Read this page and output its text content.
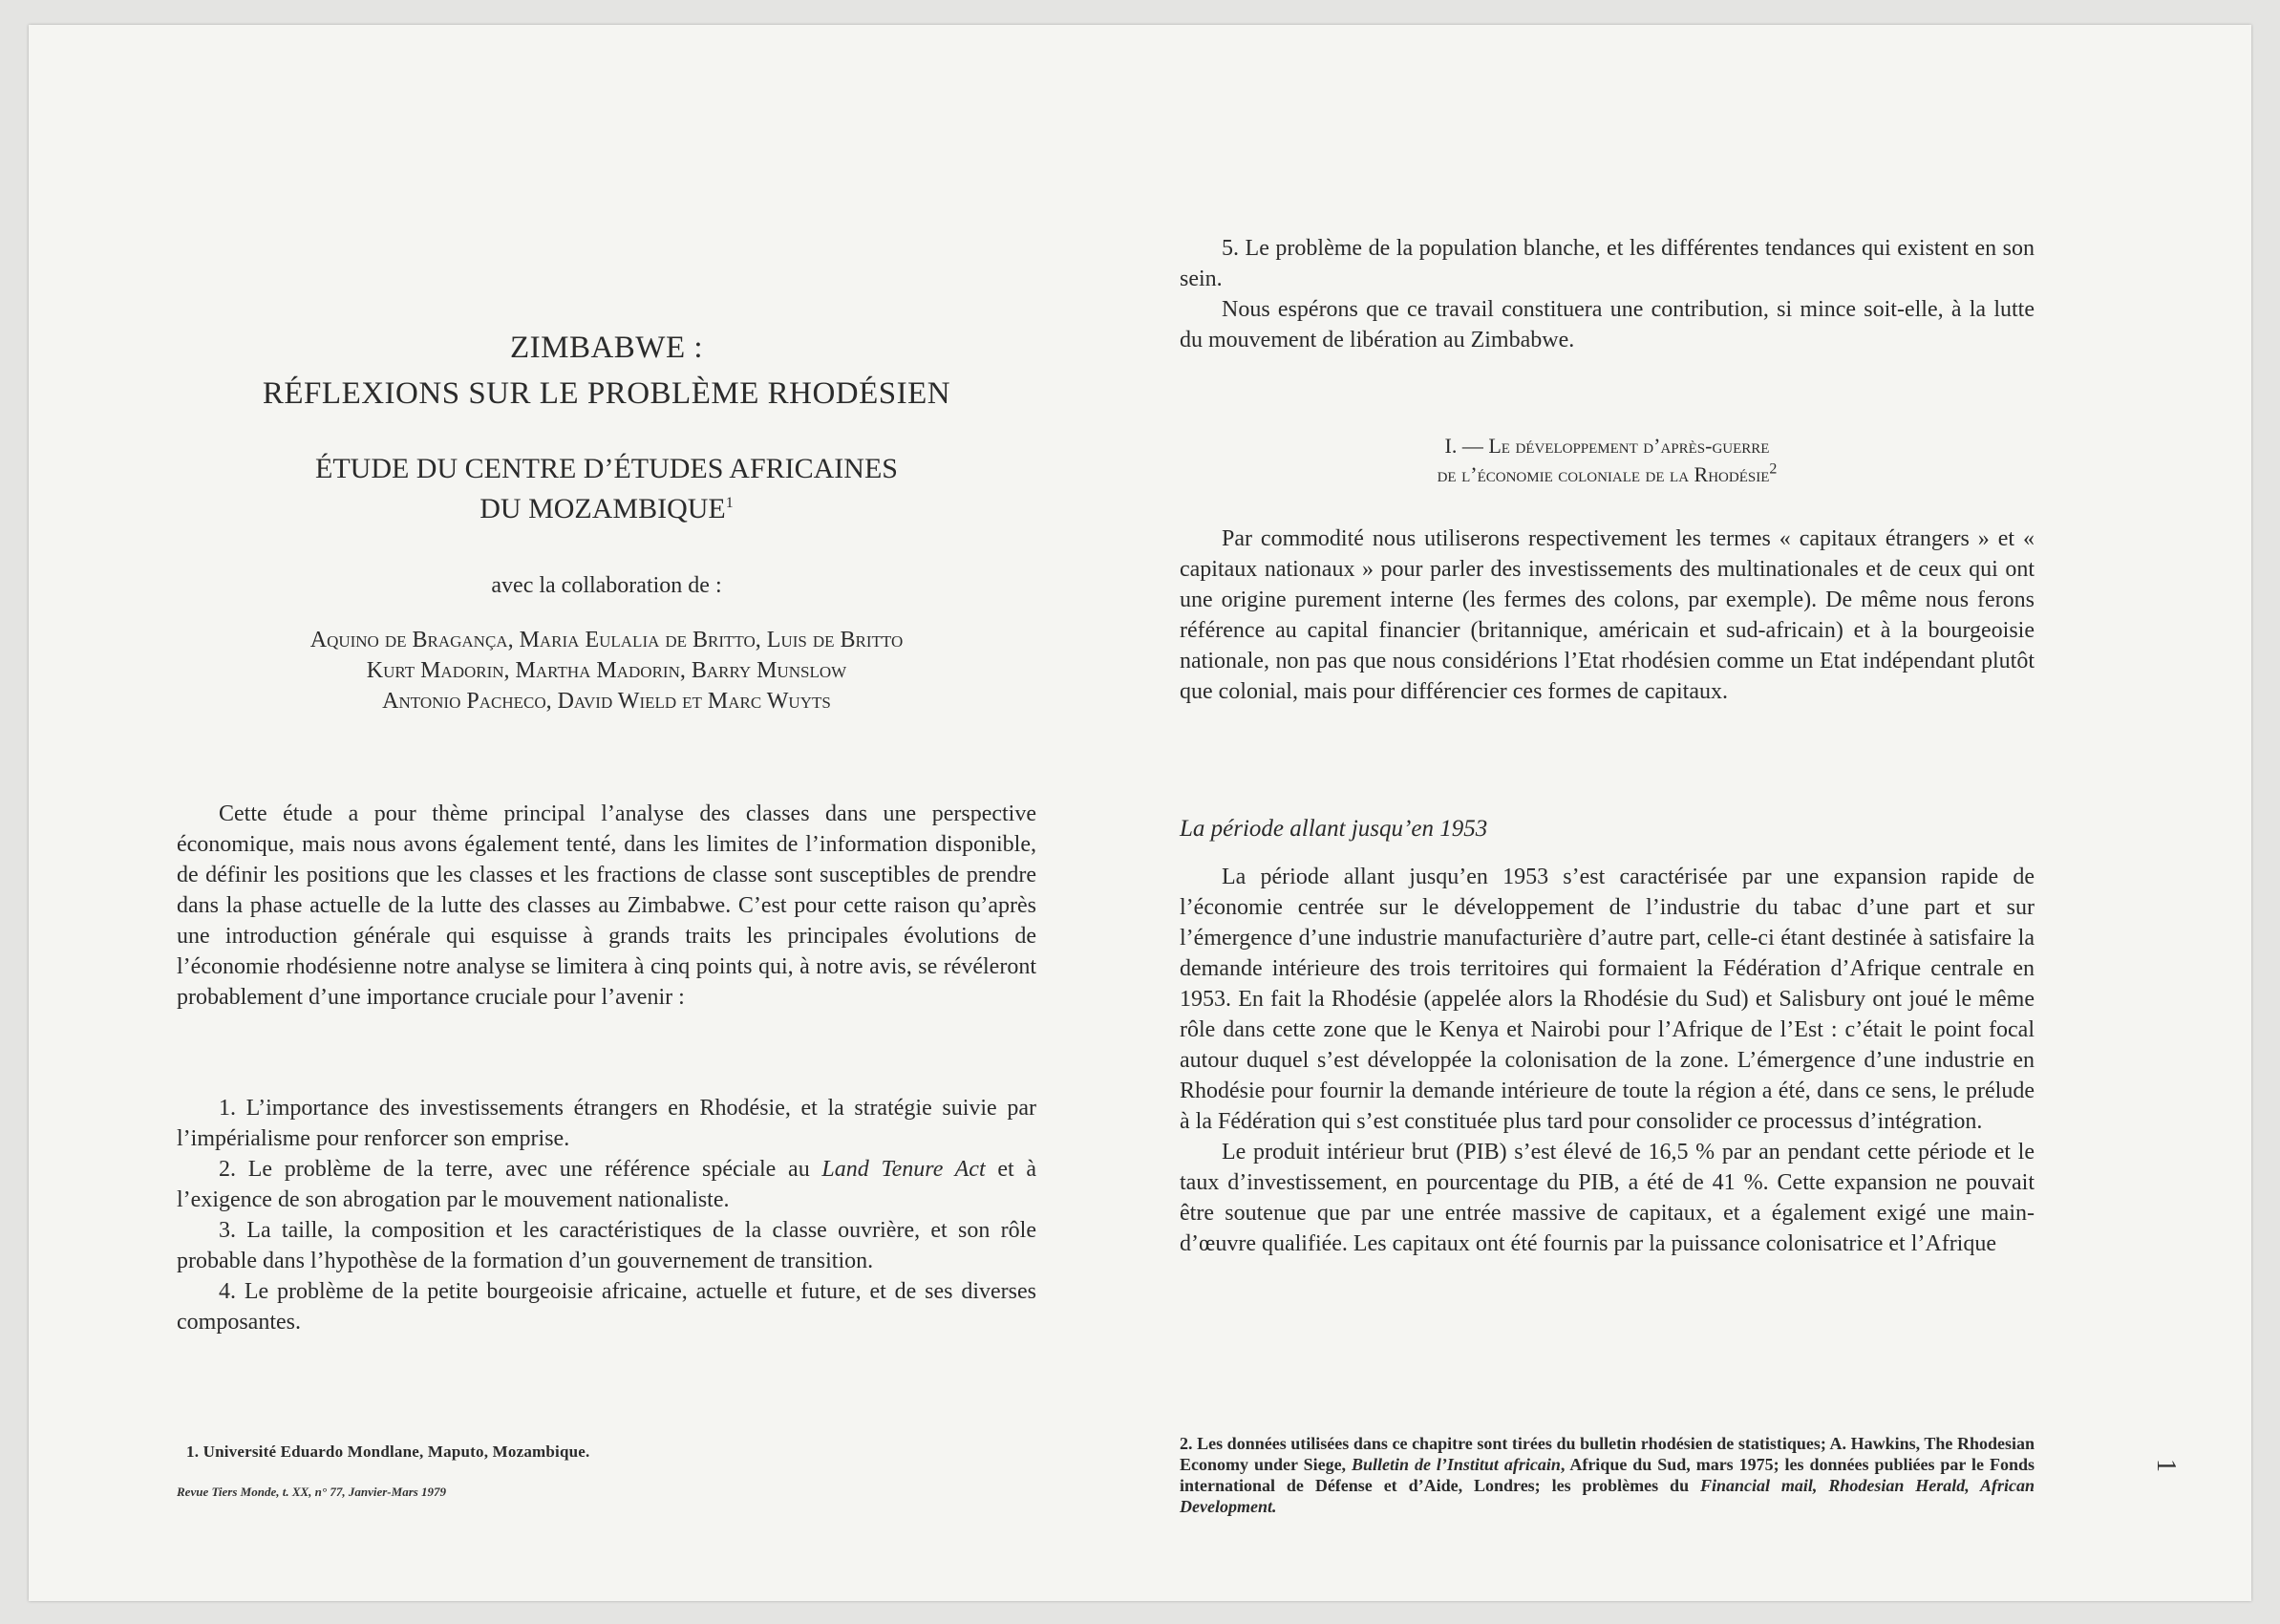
ZIMBABWE :
RÉFLEXIONS SUR LE PROBLÈME RHODÉSIEN
ÉTUDE DU CENTRE D’ÉTUDES AFRICAINES
DU MOZAMBIQUE$^1$
avec la collaboration de :
Aquino de Bragança, Maria Eulalia de Britto, Luis de Britto
Kurt Madorin, Martha Madorin, Barry Munslow
Antonio Pacheco, David Wield et Marc Wuyts

Cette étude a pour thème principal l’analyse des classes dans une perspective économique, mais nous avons également tenté, dans les limites de l’information disponible, de définir les positions que les classes et les fractions de classe sont susceptibles de prendre dans la phase actuelle de la lutte des classes au Zimbabwe. C’est pour cette raison qu’après une introduction générale qui esquisse à grands traits les principales évolutions de l’économie rhodésienne notre analyse se limitera à cinq points qui, à notre avis, se révéleront probablement d’une importance cruciale pour l’avenir :

1. L’importance des investissements étrangers en Rhodésie, et la stratégie suivie par l’impérialisme pour renforcer son emprise.

2. Le problème de la terre, avec une référence spéciale au Land Tenure Act et à l’exigence de son abrogation par le mouvement nationaliste.

3. La taille, la composition et les caractéristiques de la classe ouvrière, et son rôle probable dans l’hypothèse de la formation d’un gouvernement de transition.

4. Le problème de la petite bourgeoisie africaine, actuelle et future, et de ses diverses composantes.

1. Université Eduardo Mondlane, Maputo, Mozambique.
Revue Tiers Monde, t. XX, n° 77, Janvier-Mars 1979

5. Le problème de la population blanche, et les différentes tendances qui existent en son sein.

Nous espérons que ce travail constituera une contribution, si mince soit-elle, à la lutte du mouvement de libération au Zimbabwe.

I. — Le développement d’après-guerre
de l’économie coloniale de la Rhodésie$^2$

Par commodité nous utiliserons respectivement les termes « capitaux étrangers » et « capitaux nationaux » pour parler des investissements des multinationales et de ceux qui ont une origine purement interne (les fermes des colons, par exemple). De même nous ferons référence au capital financier (britannique, américain et sud-africain) et à la bourgeoisie nationale, non pas que nous considérions l’Etat rhodésien comme un Etat indépendant plutôt que colonial, mais pour différencier ces formes de capitaux.

La période allant jusqu’en 1953

La période allant jusqu’en 1953 s’est caractérisée par une expansion rapide de l’économie centrée sur le développement de l’industrie du tabac d’une part et sur l’émergence d’une industrie manufacturière d’autre part, celle-ci étant destinée à satisfaire la demande intérieure des trois territoires qui formaient la Fédération d’Afrique centrale en 1953. En fait la Rhodésie (appelée alors la Rhodésie du Sud) et Salisbury ont joué le même rôle dans cette zone que le Kenya et Nairobi pour l’Afrique de l’Est : c’était le point focal autour duquel s’est développée la colonisation de la zone. L’émergence d’une industrie en Rhodésie pour fournir la demande intérieure de toute la région a été, dans ce sens, le prélude à la Fédération qui s’est constituée plus tard pour consolider ce processus d’intégration.

Le produit intérieur brut (PIB) s’est élevé de 16,5 % par an pendant cette période et le taux d’investissement, en pourcentage du PIB, a été de 41 %. Cette expansion ne pouvait être soutenue que par une entrée massive de capitaux, et a également exigé une main-d’œuvre qualifiée. Les capitaux ont été fournis par la puissance colonisatrice et l’Afrique

2. Les données utilisées dans ce chapitre sont tirées du bulletin rhodésien de statistiques; A. Hawkins, The Rhodesian Economy under Siege, Bulletin de l’Institut africain, Afrique du Sud, mars 1975; les données publiées par le Fonds international de Défense et d’Aide, Londres; les problèmes du Financial mail, Rhodesian Herald, African Development.
1
